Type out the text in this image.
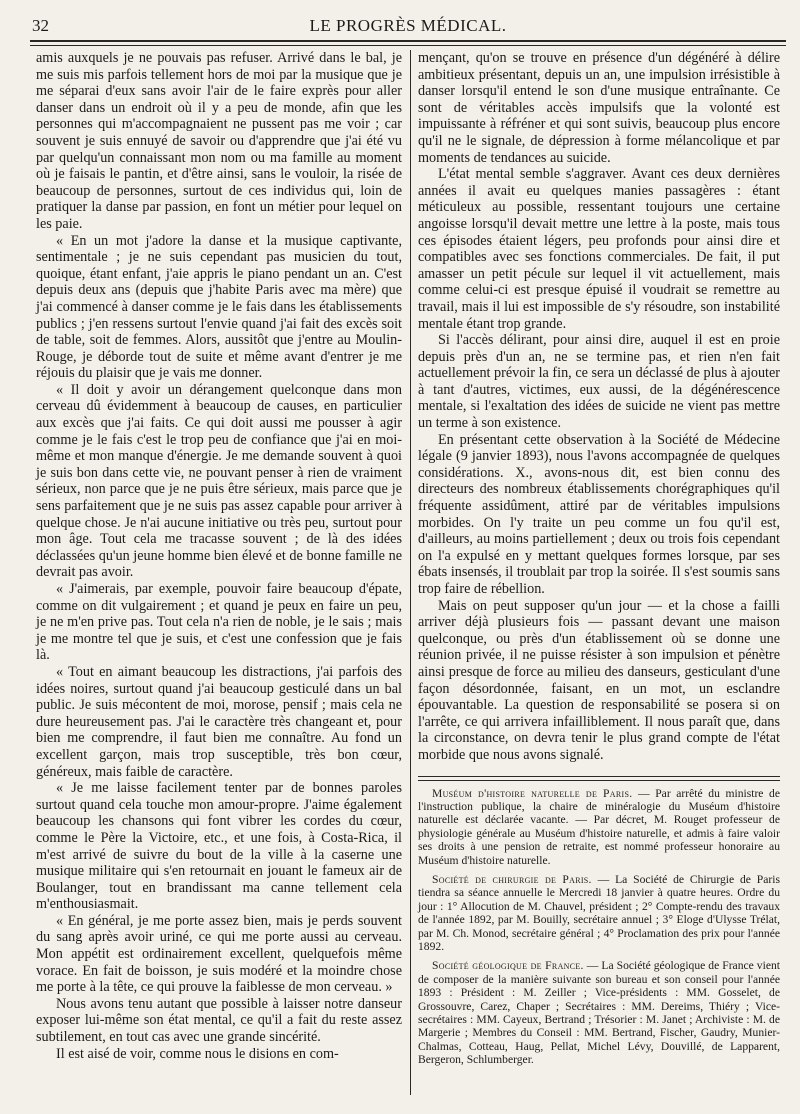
32	LE PROGRÈS MÉDICAL.

amis auxquels je ne pouvais pas refuser. Arrivé dans le bal, je me suis mis parfois tellement hors de moi par la musique que je me séparai d'eux sans avoir l'air de le faire exprès pour aller danser dans un endroit où il y a peu de monde, afin que les personnes qui m'accompagnaient ne pussent pas me voir ; car souvent je suis ennuyé de savoir ou d'apprendre que j'ai été vu par quelqu'un connaissant mon nom ou ma famille au moment où je faisais le pantin, et d'être ainsi, sans le vouloir, la risée de beaucoup de personnes, surtout de ces individus qui, loin de pratiquer la danse par passion, en font un métier pour lequel on les paie.

« En un mot j'adore la danse et la musique captivante, sentimentale ; je ne suis cependant pas musicien du tout, quoique, étant enfant, j'aie appris le piano pendant un an. C'est depuis deux ans (depuis que j'habite Paris avec ma mère) que j'ai commencé à danser comme je le fais dans les établissements publics ; j'en ressens surtout l'envie quand j'ai fait des excès soit de table, soit de femmes. Alors, aussitôt que j'entre au Moulin-Rouge, je déborde tout de suite et même avant d'entrer je me réjouis du plaisir que je vais me donner.

« Il doit y avoir un dérangement quelconque dans mon cerveau dû évidemment à beaucoup de causes, en particulier aux excès que j'ai faits. Ce qui doit aussi me pousser à agir comme je le fais c'est le trop peu de confiance que j'ai en moi-même et mon manque d'énergie. Je me demande souvent à quoi je suis bon dans cette vie, ne pouvant penser à rien de vraiment sérieux, non parce que je ne puis être sérieux, mais parce que je sens parfaitement que je ne suis pas assez capable pour arriver à quelque chose. Je n'ai aucune initiative ou très peu, surtout pour mon âge. Tout cela me tracasse souvent ; de là des idées déclassées qu'un jeune homme bien élevé et de bonne famille ne devrait pas avoir.

« J'aimerais, par exemple, pouvoir faire beaucoup d'épate, comme on dit vulgairement ; et quand je peux en faire un peu, je ne m'en prive pas. Tout cela n'a rien de noble, je le sais ; mais je me montre tel que je suis, et c'est une confession que je fais là.

« Tout en aimant beaucoup les distractions, j'ai parfois des idées noires, surtout quand j'ai beaucoup gesticulé dans un bal public. Je suis mécontent de moi, morose, pensif ; mais cela ne dure heureusement pas. J'ai le caractère très changeant et, pour bien me comprendre, il faut bien me connaître. Au fond un excellent garçon, mais trop susceptible, très bon cœur, généreux, mais faible de caractère.

« Je me laisse facilement tenter par de bonnes paroles surtout quand cela touche mon amour-propre. J'aime également beaucoup les chansons qui font vibrer les cordes du cœur, comme le Père la Victoire, etc., et une fois, à Costa-Rica, il m'est arrivé de suivre du bout de la ville à la caserne une musique militaire qui s'en retournait en jouant le fameux air de Boulanger, tout en brandissant ma canne tellement cela m'enthousiasmait.

« En général, je me porte assez bien, mais je perds souvent du sang après avoir uriné, ce qui me porte aussi au cerveau. Mon appétit est ordinairement excellent, quelquefois même vorace. En fait de boisson, je suis modéré et la moindre chose me porte à la tête, ce qui prouve la faiblesse de mon cerveau. »

Nous avons tenu autant que possible à laisser notre danseur exposer lui-même son état mental, ce qu'il a fait du reste assez subtilement, en tout cas avec une grande sincérité.

Il est aisé de voir, comme nous le disions en com-

mençant, qu'on se trouve en présence d'un dégénéré à délire ambitieux présentant, depuis un an, une impulsion irrésistible à danser lorsqu'il entend le son d'une musique entraînante. Ce sont de véritables accès impulsifs que la volonté est impuissante à réfréner et qui sont suivis, beaucoup plus encore qu'il ne le signale, de dépression à forme mélancolique et par moments de tendances au suicide.

L'état mental semble s'aggraver. Avant ces deux dernières années il avait eu quelques manies passagères : étant méticuleux au possible, ressentant toujours une certaine angoisse lorsqu'il devait mettre une lettre à la poste, mais tous ces épisodes étaient légers, peu profonds pour ainsi dire et compatibles avec ses fonctions commerciales. De fait, il put amasser un petit pécule sur lequel il vit actuellement, mais comme celui-ci est presque épuisé il voudrait se remettre au travail, mais il lui est impossible de s'y résoudre, son instabilité mentale étant trop grande.

Si l'accès délirant, pour ainsi dire, auquel il est en proie depuis près d'un an, ne se termine pas, et rien n'en fait actuellement prévoir la fin, ce sera un déclassé de plus à ajouter à tant d'autres, victimes, eux aussi, de la dégénérescence mentale, si l'exaltation des idées de suicide ne vient pas mettre un terme à son existence.

En présentant cette observation à la Société de Médecine légale (9 janvier 1893), nous l'avons accompagnée de quelques considérations. X., avons-nous dit, est bien connu des directeurs des nombreux établissements chorégraphiques qu'il fréquente assidûment, attiré par de véritables impulsions morbides. On l'y traite un peu comme un fou qu'il est, d'ailleurs, au moins partiellement ; deux ou trois fois cependant on l'a expulsé en y mettant quelques formes lorsque, par ses ébats insensés, il troublait par trop la soirée. Il s'est soumis sans trop faire de rébellion.

Mais on peut supposer qu'un jour — et la chose a failli arriver déjà plusieurs fois — passant devant une maison quelconque, ou près d'un établissement où se donne une réunion privée, il ne puisse résister à son impulsion et pénètre ainsi presque de force au milieu des danseurs, gesticulant d'une façon désordonnée, faisant, en un mot, un esclandre épouvantable. La question de responsabilité se posera si on l'arrête, ce qui arrivera infailliblement. Il nous paraît que, dans la circonstance, on devra tenir le plus grand compte de l'état morbide que nous avons signalé.

Muséum d'histoire naturelle de Paris. — Par arrêté du ministre de l'instruction publique, la chaire de minéralogie du Muséum d'histoire naturelle est déclarée vacante. — Par décret, M. Rouget professeur de physiologie générale au Muséum d'histoire naturelle, et admis à faire valoir ses droits à une pension de retraite, est nommé professeur honoraire au Muséum d'histoire naturelle.

Société de chirurgie de Paris. — La Société de Chirurgie de Paris tiendra sa séance annuelle le Mercredi 18 janvier à quatre heures. Ordre du jour : 1° Allocution de M. Chauvel, président ; 2° Compte-rendu des travaux de l'année 1892, par M. Bouilly, secrétaire annuel ; 3° Eloge d'Ulysse Trélat, par M. Ch. Monod, secrétaire général ; 4° Proclamation des prix pour l'année 1892.

Société géologique de France. — La Société géologique de France vient de composer de la manière suivante son bureau et son conseil pour l'année 1893 : Président : M. Zeiller ; Vice-présidents : MM. Gosselet, de Grossouvre, Carez, Chaper ; Secrétaires : MM. Dereims, Thiéry ; Vice-secrétaires : MM. Cayeux, Bertrand ; Trésorier : M. Janet ; Archiviste : M. de Margerie ; Membres du Conseil : MM. Bertrand, Fischer, Gaudry, Munier-Chalmas, Cotteau, Haug, Pellat, Michel Lévy, Douvillé, de Lapparent, Bergeron, Schlumberger.
